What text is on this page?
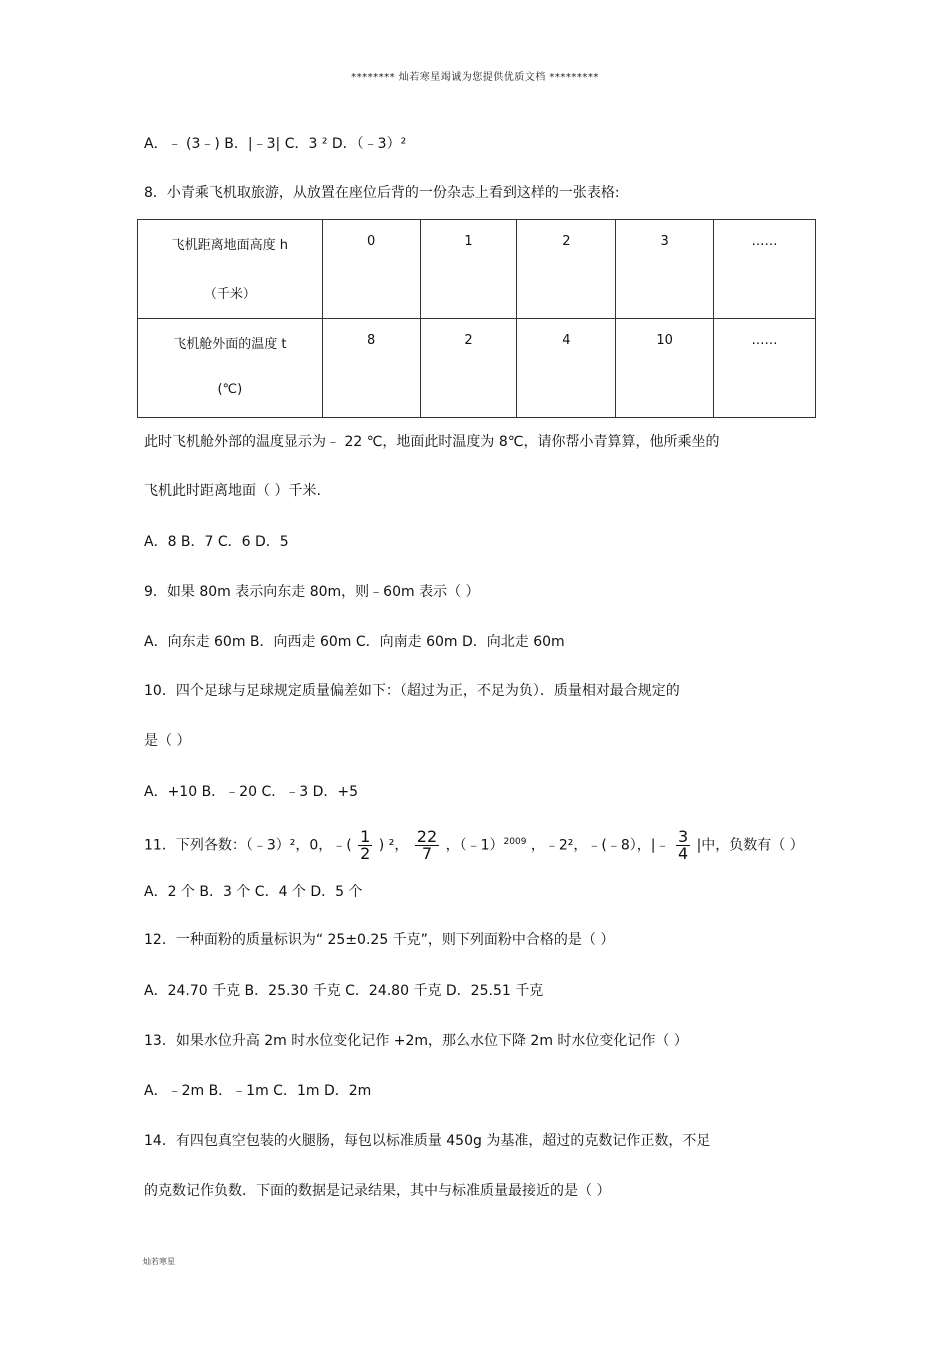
******** 灿若寒星竭诚为您提供优质文档 *********
A．﹣ (3﹣) B．|﹣3| C．3 ² D．（﹣3）²
8．小青乘飞机取旅游，从放置在座位后背的一份杂志上看到这样的一张表格:
飞机距离地面高度 h
（千米）	0	1	2	3	……

飞机舱外面的温度 t
(℃)	8	2	4	10	……
此时飞机舱外部的温度显示为﹣ 22 ℃，地面此时温度为 8℃，请你帮小青算算，他所乘坐的
飞机此时距离地面（ ）千米.
A．8 B．7 C．6 D．5
9．如果 80m 表示向东走 80m，则﹣60m 表示（ ）
A．向东走 60m B．向西走 60m C．向南走 60m D．向北走 60m
10．四个足球与足球规定质量偏差如下：（超过为正，不足为负）．质量相对最合规定的
是（ ）
A．+10 B．﹣20 C．﹣3 D．+5
11．下列各数：（﹣3）²，0，﹣( $\frac{1}{2}$ ) ²， $\frac{22}{7}$ ，（﹣1）$^{2009}$ ，﹣2²，﹣(﹣8），|﹣ $\frac{3}{4}$ |中，负数有（ ）
A．2 个 B．3 个 C．4 个 D．5 个
12．一种面粉的质量标识为“ 25±0.25 千克”，则下列面粉中合格的是（ ）
A．24.70 千克 B．25.30 千克 C．24.80 千克 D．25.51 千克
13．如果水位升高 2m 时水位变化记作 +2m，那么水位下降 2m 时水位变化记作（ ）
A．﹣2m B．﹣1m C．1m D．2m
14．有四包真空包装的火腿肠，每包以标准质量 450g 为基准，超过的克数记作正数，不足
的克数记作负数．下面的数据是记录结果，其中与标准质量最接近的是（ ）
灿若寒星
